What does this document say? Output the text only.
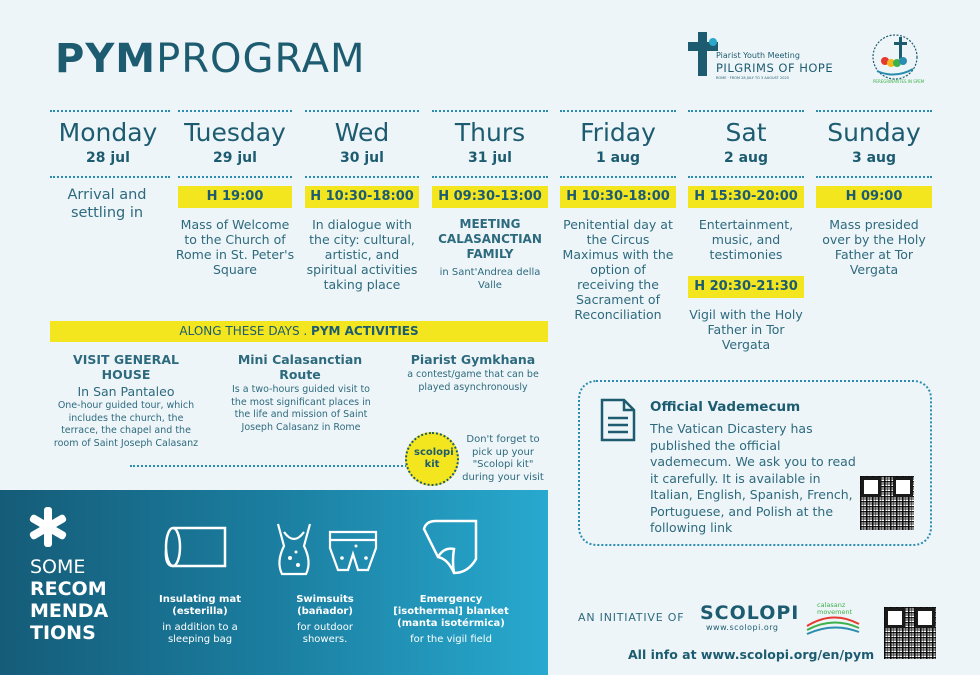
PYMPROGRAM	Piarist Youth Meeting
PILGRIMS OF HOPE
ROME · FROM 28 JULY TO 3 AUGUST 2025
PEREGRINANTES IN SPEM
Monday
28 jul
Arrival and settling in
Tuesday
29 jul
H 19:00
Mass of Welcome to the Church of Rome in St. Peter's Square
Wed
30 jul
H 10:30-18:00
In dialogue with the city: cultural, artistic, and spiritual activities taking place
Thurs
31 jul
H 09:30-13:00
MEETING CALASANCTIAN FAMILY
in Sant'Andrea della Valle
Friday
1 aug
H 10:30-18:00
Penitential day at the Circus Maximus with the option of receiving the Sacrament of Reconciliation
Sat
2 aug
H 15:30-20:00
Entertainment, music, and testimonies
H 20:30-21:30
Vigil with the Holy Father in Tor Vergata
Sunday
3 aug
H 09:00
Mass presided over by the Holy Father at Tor Vergata
ALONG THESE DAYS . PYM ACTIVITIES
VISIT GENERAL HOUSE
In San Pantaleo
One-hour guided tour, which includes the church, the terrace, the chapel and the room of Saint Joseph Calasanz
Mini Calasanctian Route
Is a two-hours guided visit to the most significant places in the life and mission of Saint Joseph Calasanz in Rome
Piarist Gymkhana
a contest/game that can be played asynchronously
scolopi kit
Don't forget to pick up your "Scolopi kit" during your visit
SOME
RECOM
MENDA
TIONS
Insulating mat (esterilla)
in addition to a sleeping bag
Swimsuits (bañador)
for outdoor showers.
Emergency [isothermal] blanket (manta isotérmica)
for the vigil field
Official Vademecum
The Vatican Dicastery has published the official vademecum. We ask you to read it carefully. It is available in Italian, English, Spanish, French, Portuguese, and Polish at the following link
AN INITIATIVE OF SCOLOPI
www.scolopi.org
calasanz movement
All info at www.scolopi.org/en/pym
